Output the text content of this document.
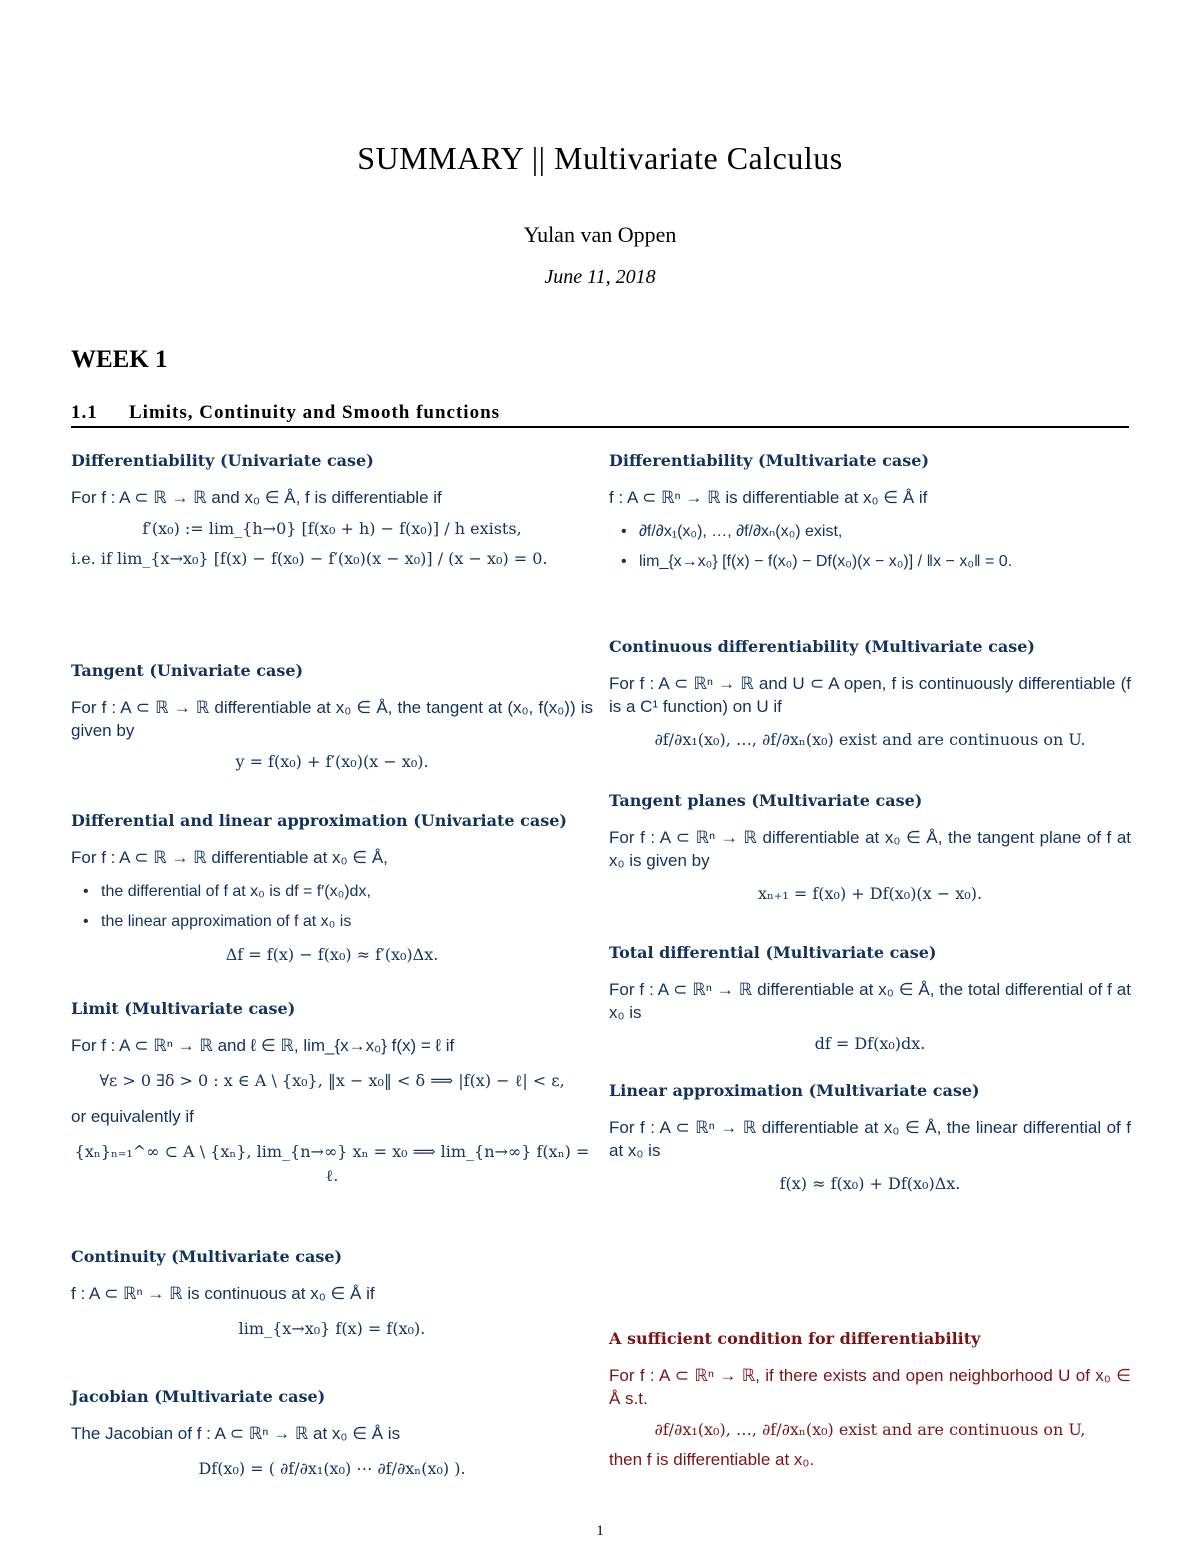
SUMMARY || Multivariate Calculus
Yulan van Oppen
June 11, 2018
WEEK 1
1.1 Limits, Continuity and Smooth functions
Differentiability (Univariate case)
For f : A ⊂ ℝ → ℝ and x₀ ∈ Å, f is differentiable if
f′(x₀) := lim_{h→0} [f(x₀ + h) − f(x₀)] / h exists,
i.e. if lim_{x→x₀} [f(x) − f(x₀) − f′(x₀)(x − x₀)] / (x − x₀) = 0.
Tangent (Univariate case)
For f : A ⊂ ℝ → ℝ differentiable at x₀ ∈ Å, the tangent at (x₀, f(x₀)) is given by
y = f(x₀) + f′(x₀)(x − x₀).
Differential and linear approximation (Univariate case)
For f : A ⊂ ℝ → ℝ differentiable at x₀ ∈ Å,
• the differential of f at x₀ is df = f′(x₀)dx,
• the linear approximation of f at x₀ is
Δf = f(x) − f(x₀) ≈ f′(x₀)Δx.
Limit (Multivariate case)
For f : A ⊂ ℝⁿ → ℝ and ℓ ∈ ℝ, lim_{x→x₀} f(x) = ℓ if
∀ε > 0 ∃δ > 0 : x ∈ A \ {x₀}, ‖x − x₀‖ < δ ⟹ |f(x) − ℓ| < ε,
or equivalently if
{xₙ}ₙ₌₁^∞ ⊂ A \ {xₙ}, lim_{n→∞} xₙ = x₀ ⟹ lim_{n→∞} f(xₙ) = ℓ.
Continuity (Multivariate case)
f : A ⊂ ℝⁿ → ℝ is continuous at x₀ ∈ Å if
lim_{x→x₀} f(x) = f(x₀).
Jacobian (Multivariate case)
The Jacobian of f : A ⊂ ℝⁿ → ℝ at x₀ ∈ Å is
Df(x₀) = ( ∂f/∂x₁(x₀) ⋯ ∂f/∂xₙ(x₀) ).
Differentiability (Multivariate case)
f : A ⊂ ℝⁿ → ℝ is differentiable at x₀ ∈ Å if
• ∂f/∂x₁(x₀), …, ∂f/∂xₙ(x₀) exist,
• lim_{x→x₀} [f(x) − f(x₀) − Df(x₀)(x − x₀)] / ‖x − x₀‖ = 0.
Continuous differentiability (Multivariate case)
For f : A ⊂ ℝⁿ → ℝ and U ⊂ A open, f is continuously differentiable (f is a C¹ function) on U if
∂f/∂x₁(x₀), …, ∂f/∂xₙ(x₀) exist and are continuous on U.
Tangent planes (Multivariate case)
For f : A ⊂ ℝⁿ → ℝ differentiable at x₀ ∈ Å, the tangent plane of f at x₀ is given by
xₙ₊₁ = f(x₀) + Df(x₀)(x − x₀).
Total differential (Multivariate case)
For f : A ⊂ ℝⁿ → ℝ differentiable at x₀ ∈ Å, the total differential of f at x₀ is
df = Df(x₀)dx.
Linear approximation (Multivariate case)
For f : A ⊂ ℝⁿ → ℝ differentiable at x₀ ∈ Å, the linear differential of f at x₀ is
f(x) ≈ f(x₀) + Df(x₀)Δx.
A sufficient condition for differentiability
For f : A ⊂ ℝⁿ → ℝ, if there exists and open neighborhood U of x₀ ∈ Å s.t.
∂f/∂x₁(x₀), …, ∂f/∂xₙ(x₀) exist and are continuous on U,
then f is differentiable at x₀.
1
